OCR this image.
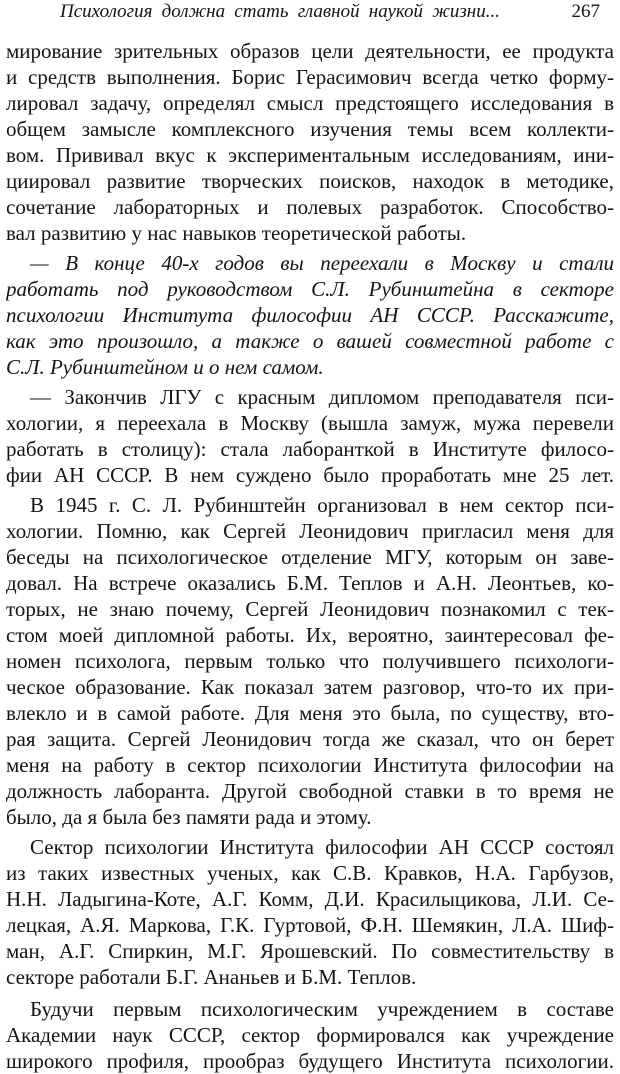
Психология должна стать главной наукой жизни...	267
мирование зрительных образов цели деятельности, ее продукта
и средств выполнения. Борис Герасимович всегда четко форму-
лировал задачу, определял смысл предстоящего исследования в
общем замысле комплексного изучения темы всем коллекти-
вом. Прививал вкус к экспериментальным исследованиям, ини-
циировал развитие творческих поисков, находок в методике,
сочетание лабораторных и полевых разработок. Способство-
вал развитию у нас навыков теоретической работы.
— В конце 40-х годов вы переехали в Москву и стали
работать под руководством С.Л. Рубинштейна в секторе
психологии Института философии АН СССР. Расскажите,
как это произошло, а также о вашей совместной работе с
С.Л. Рубинштейном и о нем самом.
— Закончив ЛГУ с красным дипломом преподавателя пси-
хологии, я переехала в Москву (вышла замуж, мужа перевели
работать в столицу): стала лаборанткой в Институте филосо-
фии АН СССР. В нем суждено было проработать мне 25 лет.
В 1945 г. С. Л. Рубинштейн организовал в нем сектор пси-
хологии. Помню, как Сергей Леонидович пригласил меня для
беседы на психологическое отделение МГУ, которым он заве-
довал. На встрече оказались Б.М. Теплов и А.Н. Леонтьев, ко-
торых, не знаю почему, Сергей Леонидович познакомил с тек-
стом моей дипломной работы. Их, вероятно, заинтересовал фе-
номен психолога, первым только что получившего психологи-
ческое образование. Как показал затем разговор, что-то их при-
влекло и в самой работе. Для меня это была, по существу, вто-
рая защита. Сергей Леонидович тогда же сказал, что он берет
меня на работу в сектор психологии Института философии на
должность лаборанта. Другой свободной ставки в то время не
было, да я была без памяти рада и этому.
Сектор психологии Института философии АН СССР состоял
из таких известных ученых, как С.В. Кравков, Н.А. Гарбузов,
Н.Н. Ладыгина-Коте, А.Г. Комм, Д.И. Красилыцикова, Л.И. Се-
лецкая, А.Я. Маркова, Г.К. Гуртовой, Ф.Н. Шемякин, Л.А. Шиф-
ман, А.Г. Спиркин, М.Г. Ярошевский. По совместительству в
секторе работали Б.Г. Ананьев и Б.М. Теплов.
Будучи первым психологическим учреждением в составе
Академии наук СССР, сектор формировался как учреждение
широкого профиля, прообраз будущего Института психологии.
